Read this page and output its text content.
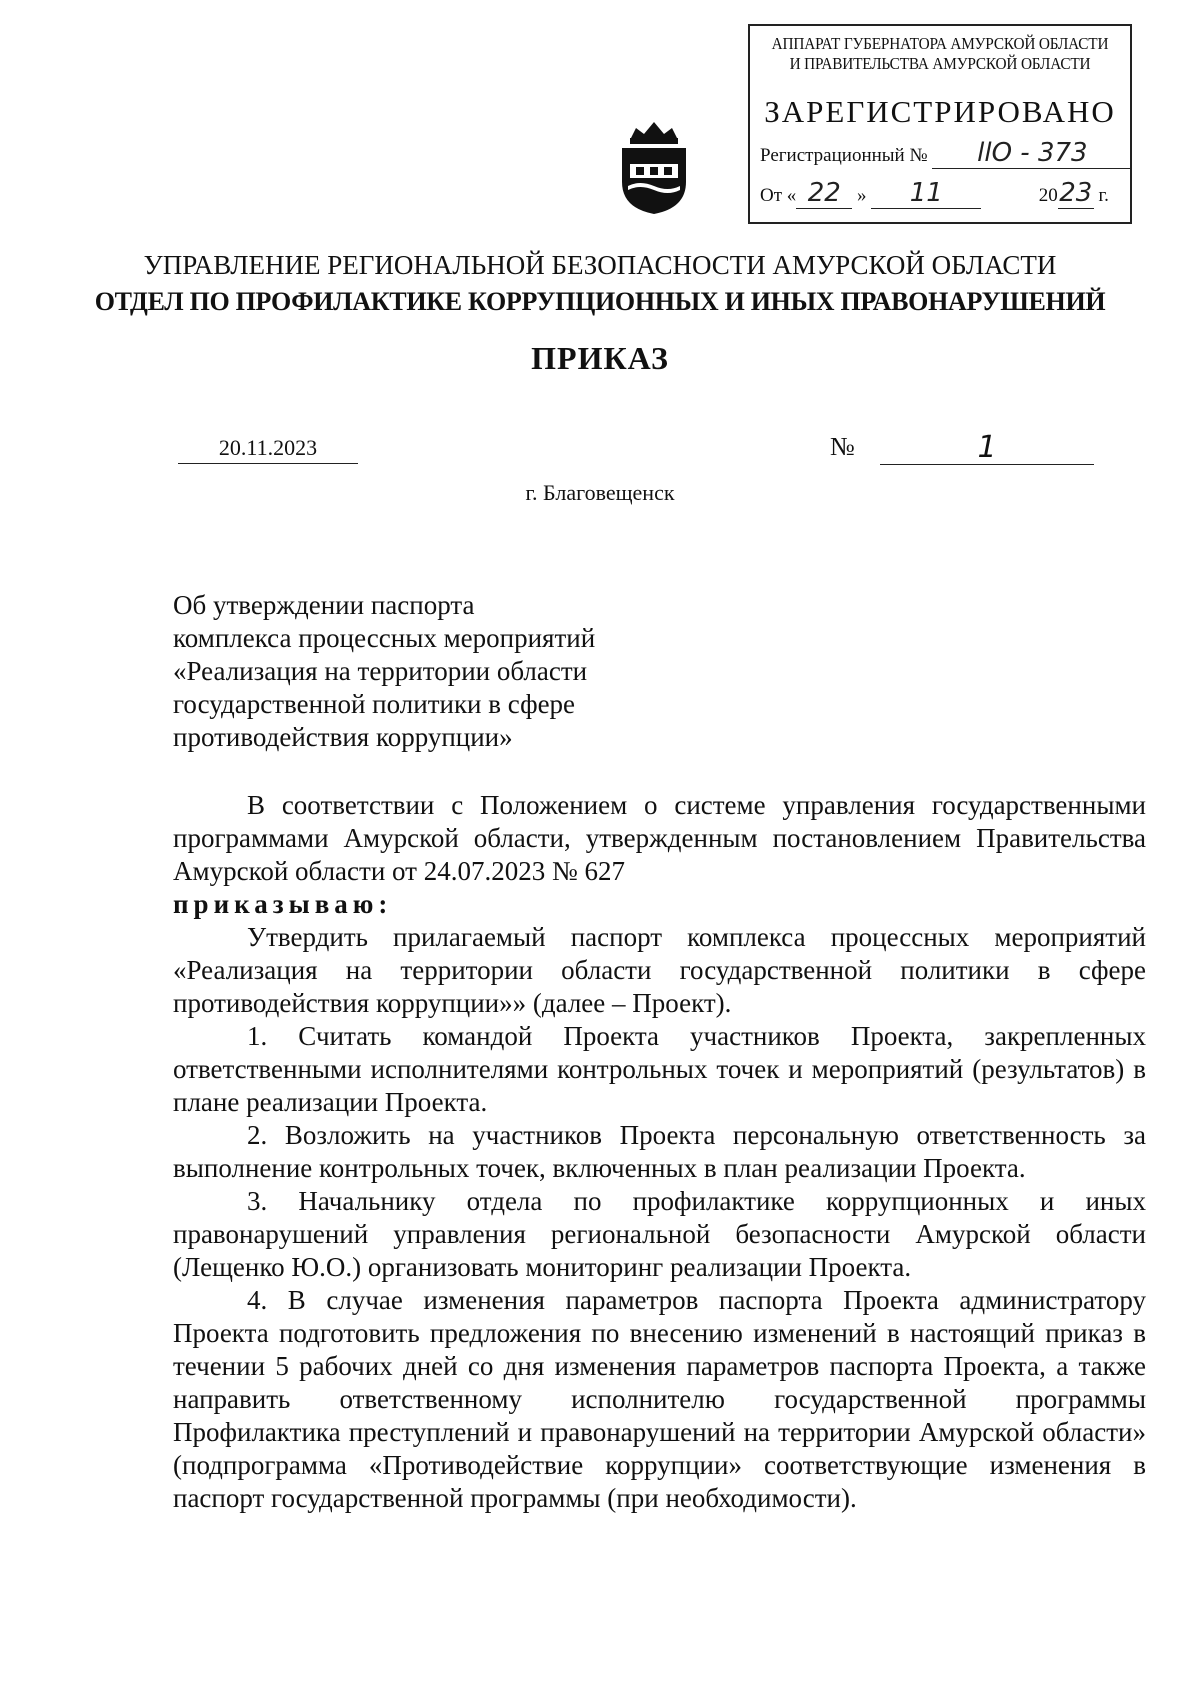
АППАРАТ ГУБЕРНАТОРА АМУРСКОЙ ОБЛАСТИ
И ПРАВИТЕЛЬСТВА АМУРСКОЙ ОБЛАСТИ
ЗАРЕГИСТРИРОВАНО
Регистрационный № llO - 373
От « 22 » 11	2023 г.
УПРАВЛЕНИЕ РЕГИОНАЛЬНОЙ БЕЗОПАСНОСТИ АМУРСКОЙ ОБЛАСТИ
ОТДЕЛ ПО ПРОФИЛАКТИКЕ КОРРУПЦИОННЫХ И ИНЫХ ПРАВОНАРУШЕНИЙ
ПРИКАЗ
20.11.2023	№	1
г. Благовещенск
Об утверждении паспорта
комплекса процессных мероприятий
«Реализация на территории области
государственной политики в сфере
противодействия коррупции»

В соответствии с Положением о системе управления государственными программами Амурской области, утвержденным постановлением Правительства Амурской области от 24.07.2023 № 627

приказываю:

Утвердить прилагаемый паспорт комплекса процессных мероприятий «Реализация на территории области государственной политики в сфере противодействия коррупции»» (далее – Проект).

1. Считать командой Проекта участников Проекта, закрепленных ответственными исполнителями контрольных точек и мероприятий (результатов) в плане реализации Проекта.

2. Возложить на участников Проекта персональную ответственность за выполнение контрольных точек, включенных в план реализации Проекта.

3. Начальнику отдела по профилактике коррупционных и иных правонарушений управления региональной безопасности Амурской области (Лещенко Ю.О.) организовать мониторинг реализации Проекта.

4. В случае изменения параметров паспорта Проекта администратору Проекта подготовить предложения по внесению изменений в настоящий приказ в течении 5 рабочих дней со дня изменения параметров паспорта Проекта, а также направить ответственному исполнителю государственной программы Профилактика преступлений и правонарушений на территории Амурской области» (подпрограмма «Противодействие коррупции» соответствующие изменения в паспорт государственной программы (при необходимости).
